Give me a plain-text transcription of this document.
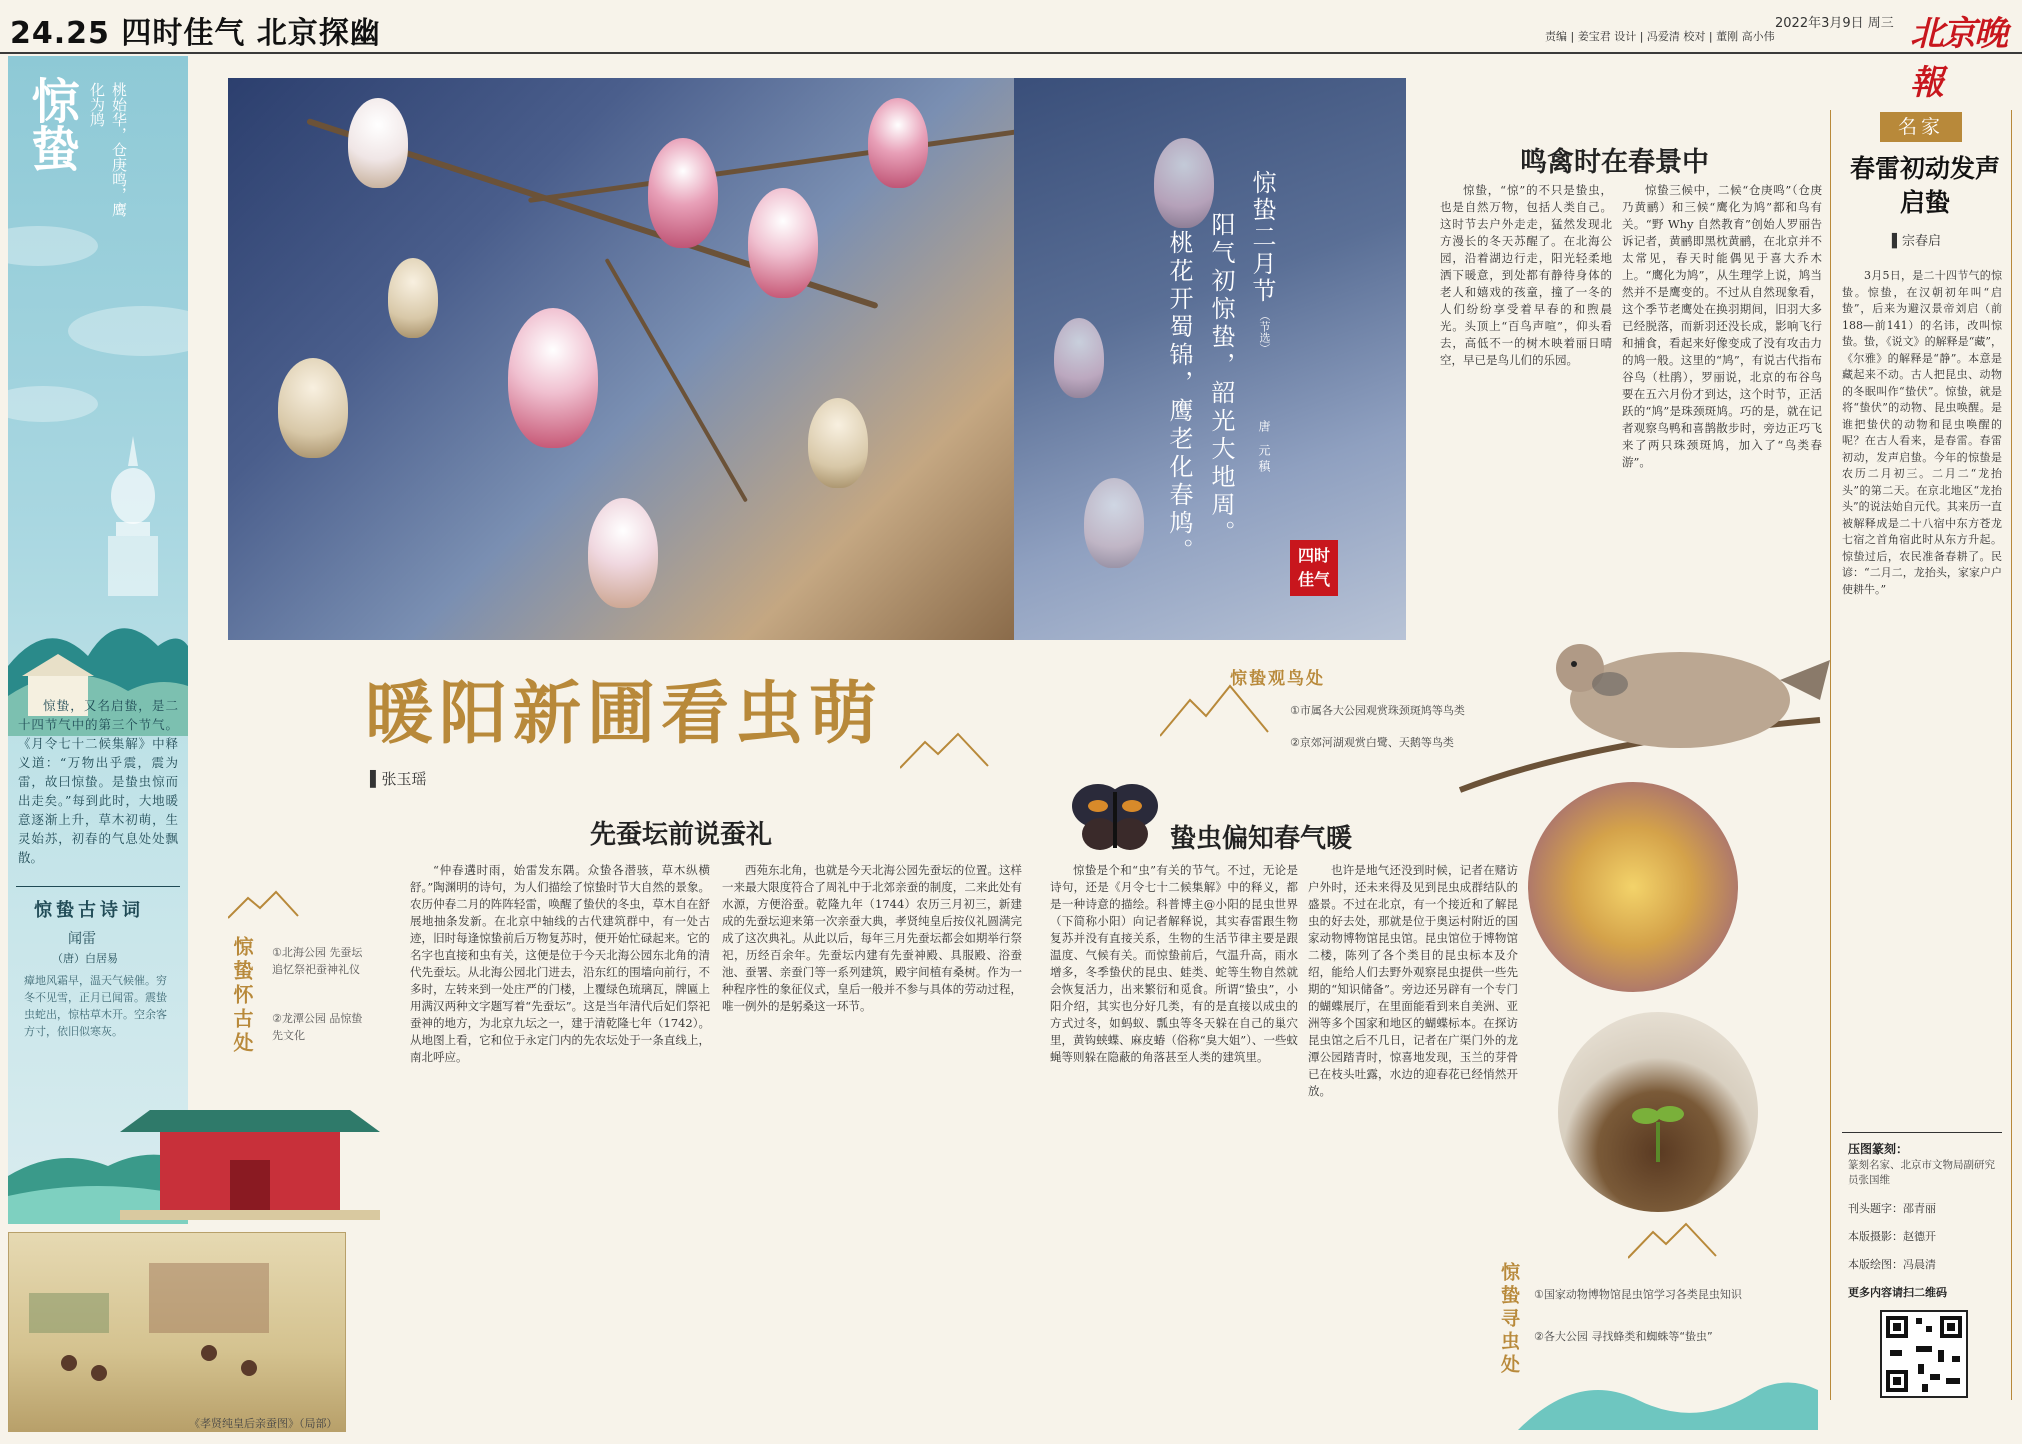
24.25 四时佳气 北京探幽	责编 | 姜宝君 设计 | 冯爱清 校对 | 董刚 高小伟
2022年3月9日 周三 北京晚報
惊蛰	桃始华，仓庚鸣，鹰化为鸠
惊蛰，又名启蛰，是二十四节气中的第三个节气。《月令七十二候集解》中释义道：“万物出乎震，震为雷，故曰惊蛰。是蛰虫惊而出走矣。”每到此时，大地暖意逐渐上升，草木初萌，生灵始苏，初春的气息处处飘散。
惊蛰古诗词
闻雷
（唐）白居易
瘴地风霜早，温天气候催。穷冬不见雪，正月已闻雷。震蛰虫蛇出，惊枯草木开。空余客方寸，依旧似寒灰。	惊蛰怀古处 ①北海公园 先蚕坛追忆祭祀蚕神礼仪
②龙潭公园 品惊蛰先文化
《孝贤纯皇后亲蚕图》（局部）
惊蛰二月节
（节选）
阳气初惊蛰，韶光大地周。
桃花开蜀锦，鹰老化春鸠。	唐 元稹
四时佳气
鸣禽时在春景中

惊蛰，“惊”的不只是蛰虫，也是自然万物，包括人类自己。这时节去户外走走，猛然发现北方漫长的冬天苏醒了。在北海公园，沿着湖边行走，阳光轻柔地洒下暖意，到处都有静待身体的老人和嬉戏的孩童，撞了一冬的人们纷纷享受着早春的和煦晨光。头顶上“百鸟声喧”，仰头看去，高低不一的树木映着丽日晴空，早已是鸟儿们的乐园。

惊蛰三候中，二候“仓庚鸣”（仓庚乃黄鹂）和三候“鹰化为鸠”都和鸟有关。“野 Why 自然教育”创始人罗丽告诉记者，黄鹂即黑枕黄鹂，在北京并不太常见，春天时能偶见于喜大乔木上。“鹰化为鸠”，从生理学上说，鸠当然并不是鹰变的。不过从自然现象看，这个季节老鹰处在换羽期间，旧羽大多已经脱落，而新羽还没长成，影响飞行和捕食，看起来好像变成了没有攻击力的鸠一般。这里的“鸠”，有说古代指布谷鸟（杜鹃），罗丽说，北京的布谷鸟要在五六月份才到达，这个时节，正活跃的“鸠”是珠颈斑鸠。巧的是，就在记者观察鸟鸭和喜鹊散步时，旁边正巧飞来了两只珠颈斑鸠，加入了“鸟类春游”。

暖阳新圃看虫萌
▌张玉瑶
惊蛰观鸟处
①市属各大公园观赏珠颈斑鸠等鸟类
②京郊河湖观赏白鹭、天鹅等鸟类
先蚕坛前说蚕礼

“仲春遘时雨，始雷发东隅。众蛰各潜骇，草木纵横舒。”陶渊明的诗句，为人们描绘了惊蛰时节大自然的景象。农历仲春二月的阵阵轻雷，唤醒了蛰伏的冬虫，草木自在舒展地抽条发新。在北京中轴线的古代建筑群中，有一处古迹，旧时每逢惊蛰前后万物复苏时，便开始忙碌起来。它的名字也直接和虫有关，这便是位于今天北海公园东北角的清代先蚕坛。从北海公园北门进去，沿东红的围墙向前行，不多时，左转来到一处庄严的门楼，上覆绿色琉璃瓦，牌匾上用满汉两种文字题写着“先蚕坛”。这是当年清代后妃们祭祀蚕神的地方，为北京九坛之一，建于清乾隆七年（1742）。从地图上看，它和位于永定门内的先农坛处于一条直线上，南北呼应。

西苑东北角，也就是今天北海公园先蚕坛的位置。这样一来最大限度符合了周礼中于北郊亲蚕的制度，二来此处有水源，方便浴蚕。乾隆九年（1744）农历三月初三，新建成的先蚕坛迎来第一次亲蚕大典，孝贤纯皇后按仪礼圆满完成了这次典礼。从此以后，每年三月先蚕坛都会如期举行祭祀，历经百余年。先蚕坛内建有先蚕神殿、具服殿、浴蚕池、蚕署、亲蚕门等一系列建筑，殿宇间植有桑树。作为一种程序性的象征仪式，皇后一般并不参与具体的劳动过程，唯一例外的是躬桑这一环节。

蛰虫偏知春气暖

惊蛰是个和“虫”有关的节气。不过，无论是诗句，还是《月令七十二候集解》中的释义，都是一种诗意的描绘。科普博主@小阳的昆虫世界（下简称小阳）向记者解释说，其实春雷跟生物复苏并没有直接关系，生物的生活节律主要是跟温度、气候有关。而惊蛰前后，气温升高，雨水增多，冬季蛰伏的昆虫、蛙类、蛇等生物自然就会恢复活力，出来繁衍和觅食。所谓“蛰虫”，小阳介绍，其实也分好几类，有的是直接以成虫的方式过冬，如蚂蚁、瓢虫等冬天躲在自己的巢穴里，黄钩蛱蝶、麻皮蝽（俗称“臭大姐”）、一些蚊蝇等则躲在隐蔽的角落甚至人类的建筑里。

也许是地气还没到时候，记者在赌访户外时，还未来得及见到昆虫成群结队的盛景。不过在北京，有一个接近和了解昆虫的好去处，那就是位于奥运村附近的国家动物博物馆昆虫馆。昆虫馆位于博物馆二楼，陈列了各个类目的昆虫标本及介绍，能给人们去野外观察昆虫提供一些先期的“知识储备”。旁边还另辟有一个专门的蝴蝶展厅，在里面能看到来自美洲、亚洲等多个国家和地区的蝴蝶标本。在探访昆虫馆之后不几日，记者在广渠门外的龙潭公园踏青时，惊喜地发现，玉兰的芽骨已在枝头吐露，水边的迎春花已经悄然开放。

惊蛰寻虫处 ①国家动物博物馆昆虫馆学习各类昆虫知识
②各大公园 寻找蜂类和蜘蛛等“蛰虫”
名家
春雷初动发声启蛰
▌宗春启

3月5日，是二十四节气的惊蛰。惊蛰，在汉朝初年叫“启蛰”，后来为避汉景帝刘启（前188—前141）的名讳，改叫惊蛰。蛰，《说文》的解释是“藏”，《尔雅》的解释是“静”。本意是藏起来不动。古人把昆虫、动物的冬眠叫作“蛰伏”。惊蛰，就是将“蛰伏”的动物、昆虫唤醒。是谁把蛰伏的动物和昆虫唤醒的呢？在古人看来，是春雷。春雷初动，发声启蛰。今年的惊蛰是农历二月初三。二月二“龙抬头”的第二天。在京北地区“龙抬头”的说法始自元代。其来历一直被解释成是二十八宿中东方苍龙七宿之首角宿此时从东方升起。惊蛰过后，农民准备春耕了。民谚：“二月二，龙抬头，家家户户使耕牛。”

压图篆刻：
篆刻名家、北京市文物局副研究员张国维
刊头题字：邵青丽
本版摄影：赵德开
本版绘图：冯晨清
更多内容请扫二维码
